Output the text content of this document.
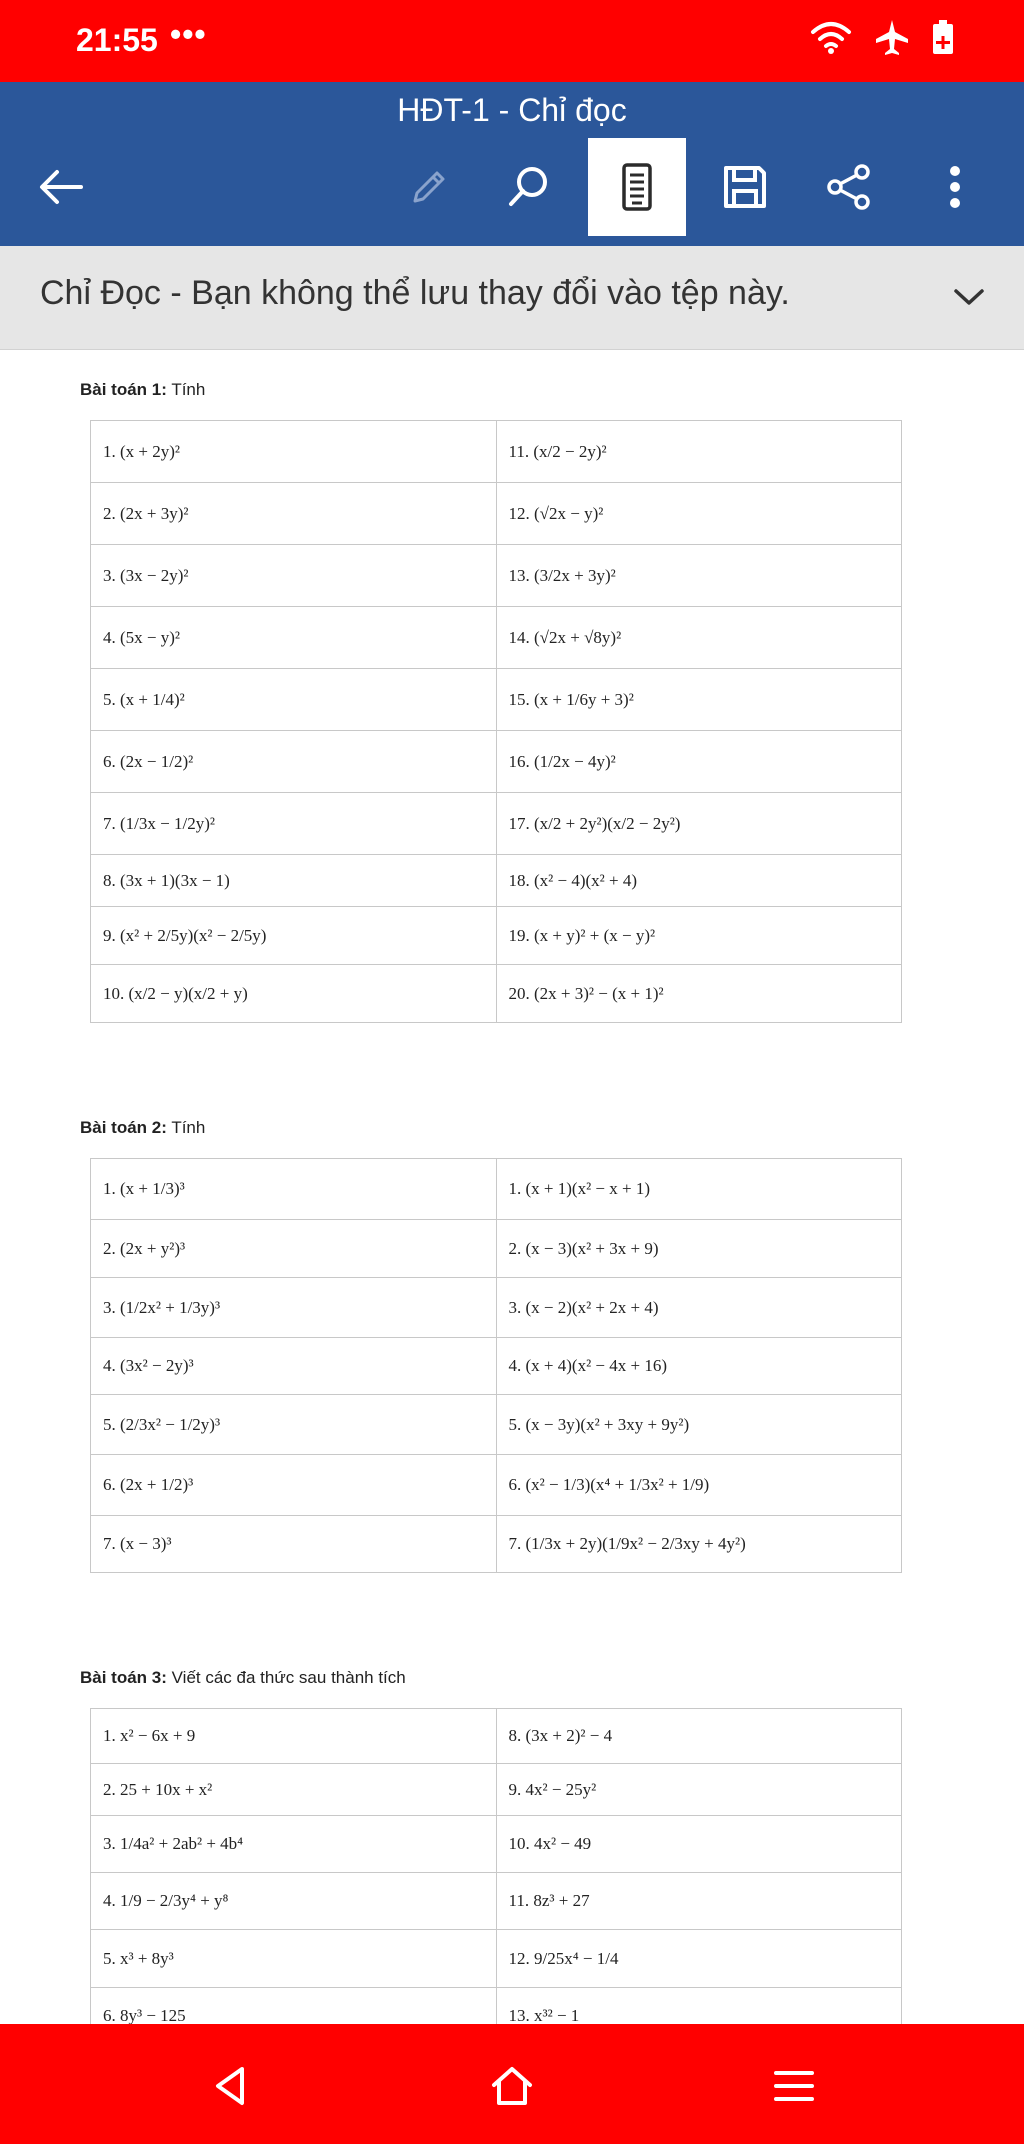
21:55 •••
HĐT-1 - Chỉ đọc
Chỉ Đọc - Bạn không thể lưu thay đổi vào tệp này.
Bài toán 1: Tính
1. (x + 2y)²	11. (x/2 − 2y)²
2. (2x + 3y)²	12. (√2x − y)²
3. (3x − 2y)²	13. (3/2x + 3y)²
4. (5x − y)²	14. (√2x + √8y)²
5. (x + 1/4)²	15. (x + 1/6y + 3)²
6. (2x − 1/2)²	16. (1/2x − 4y)²
7. (1/3x − 1/2y)²	17. (x/2 + 2y²)(x/2 − 2y²)
8. (3x + 1)(3x − 1)	18. (x² − 4)(x² + 4)
9. (x² + 2/5y)(x² − 2/5y)	19. (x + y)² + (x − y)²
10. (x/2 − y)(x/2 + y)	20. (2x + 3)² − (x + 1)²
Bài toán 2: Tính
1. (x + 1/3)³	1. (x + 1)(x² − x + 1)
2. (2x + y²)³	2. (x − 3)(x² + 3x + 9)
3. (1/2x² + 1/3y)³	3. (x − 2)(x² + 2x + 4)
4. (3x² − 2y)³	4. (x + 4)(x² − 4x + 16)
5. (2/3x² − 1/2y)³	5. (x − 3y)(x² + 3xy + 9y²)
6. (2x + 1/2)³	6. (x² − 1/3)(x⁴ + 1/3x² + 1/9)
7. (x − 3)³	7. (1/3x + 2y)(1/9x² − 2/3xy + 4y²)
Bài toán 3: Viết các đa thức sau thành tích
1. x² − 6x + 9	8. (3x + 2)² − 4
2. 25 + 10x + x²	9. 4x² − 25y²
3. 1/4a² + 2ab² + 4b⁴	10. 4x² − 49
4. 1/9 − 2/3y⁴ + y⁸	11. 8z³ + 27
5. x³ + 8y³	12. 9/25x⁴ − 1/4
6. 8y³ − 125	13. x³² − 1
